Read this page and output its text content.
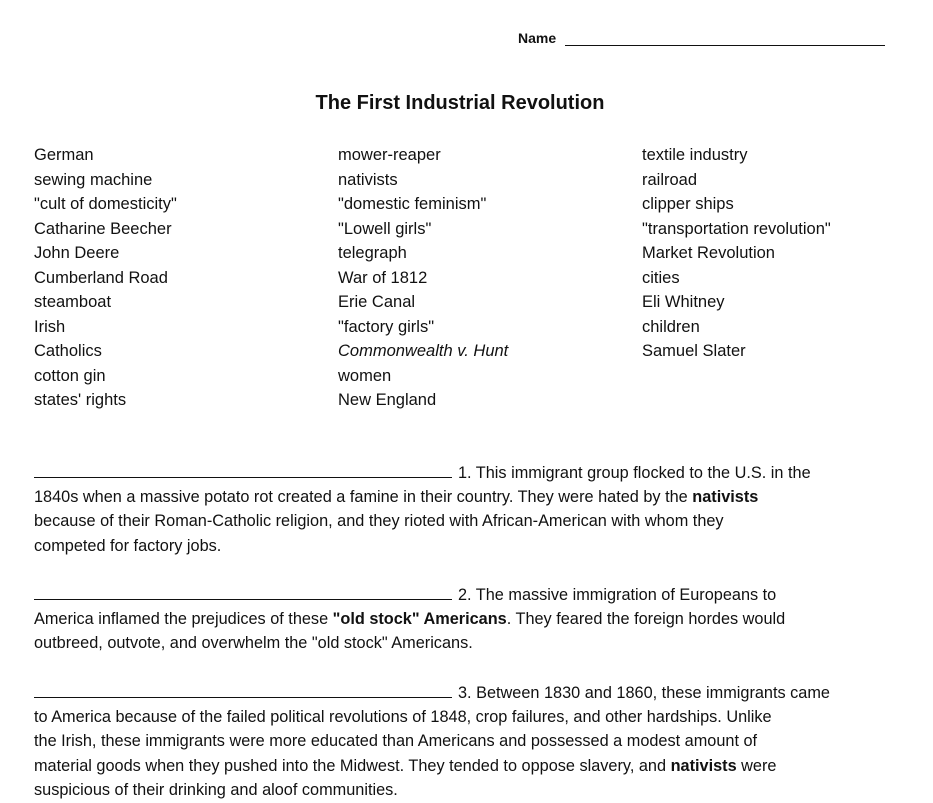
Name
The First Industrial Revolution
German
sewing machine
"cult of domesticity"
Catharine Beecher
John Deere
Cumberland Road
steamboat
Irish
Catholics
cotton gin
states' rights
mower-reaper
nativists
"domestic feminism"
"Lowell girls"
telegraph
War of 1812
Erie Canal
"factory girls"
Commonwealth v. Hunt
women
New England
textile industry
railroad
clipper ships
"transportation revolution"
Market Revolution
cities
Eli Whitney
children
Samuel Slater
1. This immigrant group flocked to the U.S. in the
1840s when a massive potato rot created a famine in their country. They were hated by the nativists
because of their Roman-Catholic religion, and they rioted with African-American with whom they
competed for factory jobs.
2. The massive immigration of Europeans to
America inflamed the prejudices of these "old stock" Americans. They feared the foreign hordes would
outbreed, outvote, and overwhelm the "old stock" Americans.
3. Between 1830 and 1860, these immigrants came
to America because of the failed political revolutions of 1848, crop failures, and other hardships. Unlike
the Irish, these immigrants were more educated than Americans and possessed a modest amount of
material goods when they pushed into the Midwest. They tended to oppose slavery, and nativists were
suspicious of their drinking and aloof communities.
